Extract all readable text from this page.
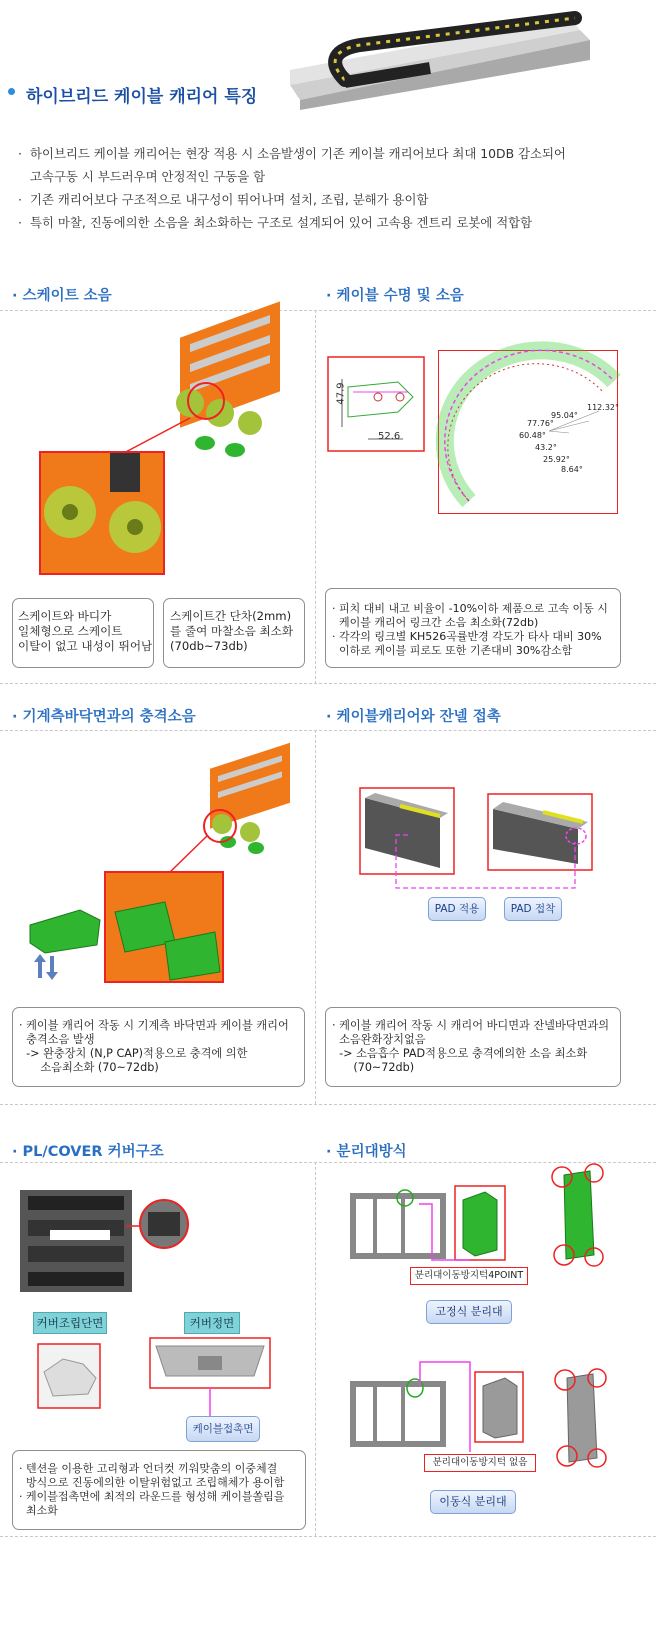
하이브리드 케이블 캐리어 특징
· 하이브리드 케이블 캐리어는 현장 적용 시 소음발생이 기존 케이블 캐리어보다 최대 10DB 감소되어
고속구동 시 부드러우며 안정적인 구동을 함
· 기존 캐리어보다 구조적으로 내구성이 뛰어나며 설치, 조립, 분해가 용이함
· 특히 마찰, 진동에의한 소음을 최소화하는 구조로 설계되어 있어 고속용 겐트리 로봇에 적합함
· 스케이트 소음
스케이트와 바디가
일체형으로 스케이트
이탈이 없고 내성이 뛰어남
스케이트간 단차(2mm)
를 줄여 마찰소음 최소화
(70db~73db)
· 케이블 수명 및 소음
47.9
52.6
112.32°
95.04°
77.76°
60.48°
43.2°
25.92°
8.64°
· 피치 대비 내고 비율이 -10%이하 제품으로 고속 이동 시
케이블 캐리어 링크간 소음 최소화(72db)
· 각각의 링크별 KH526곡률반경 각도가 타사 대비 30%
이하로 케이블 피로도 또한 기존대비 30%감소함
· 기계측바닥면과의 충격소음
· 케이블 캐리어 작동 시 기계측 바닥면과 케이블 캐리어
충격소음 발생
-> 완충장치 (N,P CAP)적용으로 충격에 의한
소음최소화 (70~72db)
· 케이블캐리어와 잔넬 접촉
PAD 적용	PAD 접착
· 케이블 캐리어 작동 시 캐리어 바디면과 잔넬바닥면과의
소음완화장치없음
-> 소음흡수 PAD적용으로 충격에의한 소음 최소화
(70~72db)
· PL/COVER 커버구조
커버조립단면	커버정면
케이블접촉면
· 텐션을 이용한 고리형과 언더컷 끼워맞춤의 이중체결
방식으로 진동에의한 이탈위험없고 조립해체가 용이함
· 케이블접촉면에 최적의 라운드를 형성해 케이블쏠림을
최소화
· 분리대방식
분리대이동방지턱4POINT
고정식 분리대
분리대이동방지턱 없음
이동식 분리대
